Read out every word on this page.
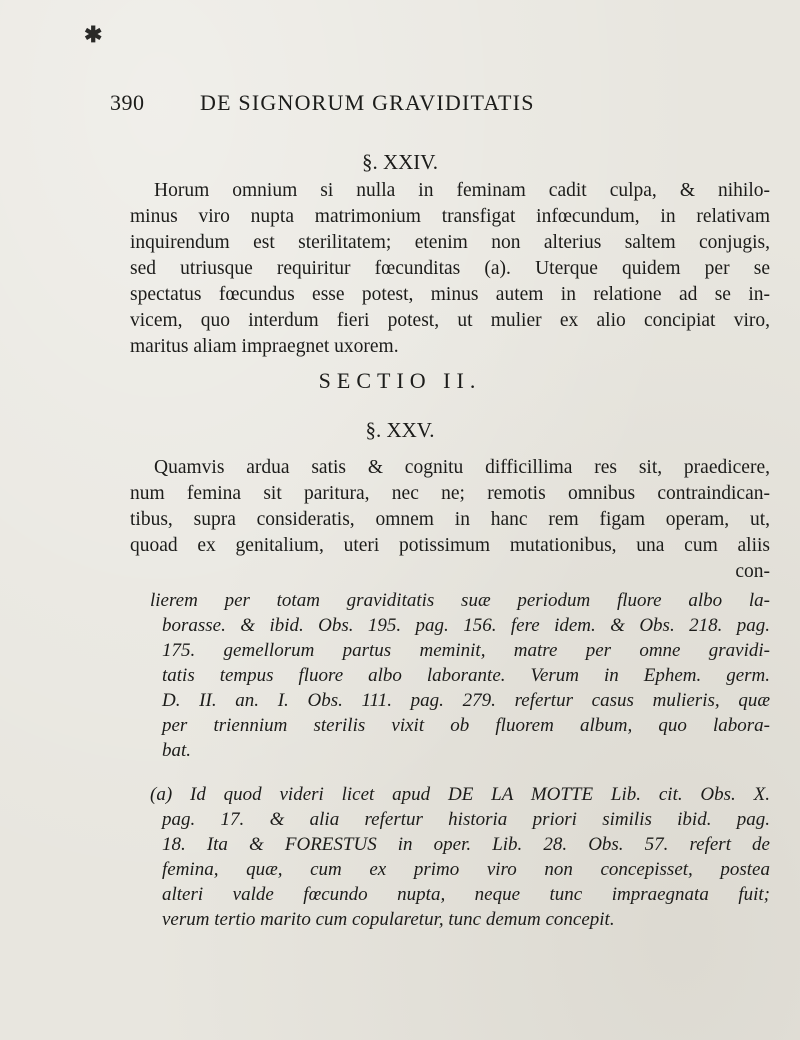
✱
390	DE SIGNORUM GRAVIDITATIS
§. XXIV.
Horum omnium si nulla in feminam cadit culpa, & nihilo-
minus viro nupta matrimonium transfigat infœcundum, in relativam
inquirendum est sterilitatem; etenim non alterius saltem conjugis,
sed utriusque requiritur fœcunditas (a). Uterque quidem per se
spectatus fœcundus esse potest, minus autem in relatione ad se in-
vicem, quo interdum fieri potest, ut mulier ex alio concipiat viro,
maritus aliam impraegnet uxorem.
SECTIO II.
§. XXV.
Quamvis ardua satis & cognitu difficillima res sit, praedicere,
num femina sit paritura, nec ne; remotis omnibus contraindican-
tibus, supra consideratis, omnem in hanc rem figam operam, ut,
quoad ex genitalium, uteri potissimum mutationibus, una cum aliis
con-
lierem per totam graviditatis suæ periodum fluore albo la-
borasse. & ibid. Obs. 195. pag. 156. fere idem. & Obs. 218. pag.
175. gemellorum partus meminit, matre per omne gravidi-
tatis tempus fluore albo laborante. Verum in Ephem. germ.
D. II. an. I. Obs. 111. pag. 279. refertur casus mulieris, quæ
per triennium sterilis vixit ob fluorem album, quo labora-
bat.
(a) Id quod videri licet apud DE LA MOTTE Lib. cit. Obs. X.
pag. 17. & alia refertur historia priori similis ibid. pag.
18. Ita & FORESTUS in oper. Lib. 28. Obs. 57. refert de
femina, quæ, cum ex primo viro non concepisset, postea
alteri valde fœcundo nupta, neque tunc impraegnata fuit;
verum tertio marito cum copularetur, tunc demum concepit.
